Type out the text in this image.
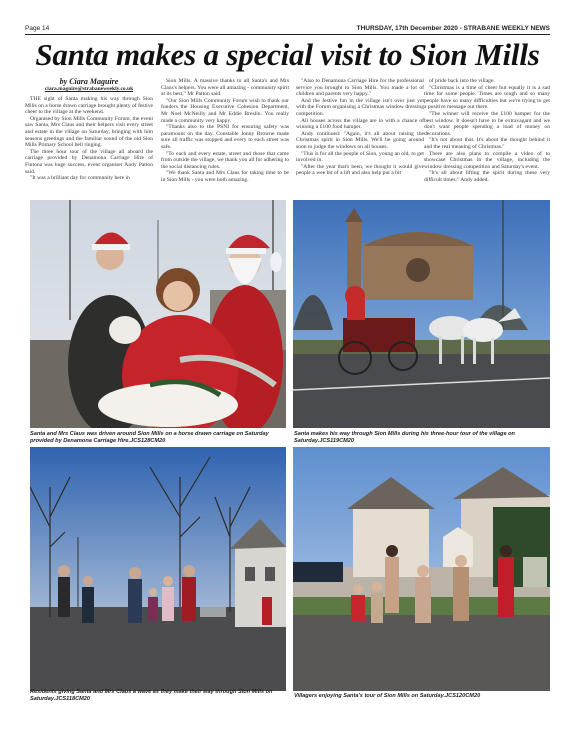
Page 14	THURSDAY, 17th December 2020 - STRABANE WEEKLY NEWS
Santa makes a special visit to Sion Mills
by Ciara Maguire
ciara.maguire@strabaneweekly.co.uk

THE sight of Santa making his way through Sion Mills on a horse drawn carriage brought plenty of festive cheer to the village at the weekend.

Organised by Sion Mills Community Forum, the event saw Santa, Mrs Claus and their helpers visit every street and estate in the village on Saturday, bringing with him seasons greetings and the familiar sound of the old Sion Mills Primary School bell ringing.

The three hour tour of the village all aboard the carriage provided by Denamona Carriage Hire of Fintona was huge success, event organiser Andy Patton said.

"It was a brilliant day for community here in

Sion Mills. A massive thanks to all Santa's and Mrs Claus's helpers. You were all amazing - community spirit at its best," Mr Patton said.

"Our Sion Mills Community Forum wish to thank our funders the Housing Executive Cohesion Department, Mr Noel McNeilly and Mr Eddie Breslin. You really made a community very happy.

"Thanks also to the PSNI for ensuring safety was paramount on the day. Constable Jonny Browne made sure all traffic was stopped and every to each street was safe.

"To each and every estate, street and those that came from outside the village, we thank you all for adhering to the social distancing rules.

"We thank Santa and Mrs Claus for taking time to be in Sion Mills - you were both amazing.

"Also to Denamona Carriage Hire for the professional service you brought to Sion Mills. You made a lot of children and parents very happy."

And the festive fun in the village isn't over just yet with the Forum organising a Christmas window dressing competition.

All houses across the village are in with a chance of winning a £100 food hamper.

Andy continued: "Again, it's all about raising the Christmas spirit in Sion Mills. We'll be going around soon to judge the windows on all houses.

"This is for all the people of Sion, young an old, to get involved in.

"After the year that's been, we thought it would give people a wee bit of a lift and also help put a bit

of pride back into the village.

"Christmas is a time of cheer but equally it is a sad time for some people. Times are tough and so many people have so many difficulties but we're trying to get a positive message out there.

"The winner will receive the £100 hamper for the best window. It doesn't have to be extravagant and we don't want people spending a load of money on decorations.

"It's not about that. It's about the thought behind it and the real meaning of Christmas."

There are also plans to compile a video of to showcase Christmas in the village, including the window dressing competition and Saturday's event.

"It's all about lifting the spirit during these very difficult times," Andy added.

Santa and Mrs Claus was driven around Sion Mills on a horse drawn carriage on Saturday provided by Denamona Carriage Hire.JCS128CM20
Santa makes his way through Sion Mills during his three-hour tour of the village on Saturday.JCS119CM20
Residents giving Santa and Mrs Claus a wave as they make their way through Sion Mills on Saturday.JCS118CM20	Villagers enjoying Santa's tour of Sion Mills on Saturday.JCS120CM20
